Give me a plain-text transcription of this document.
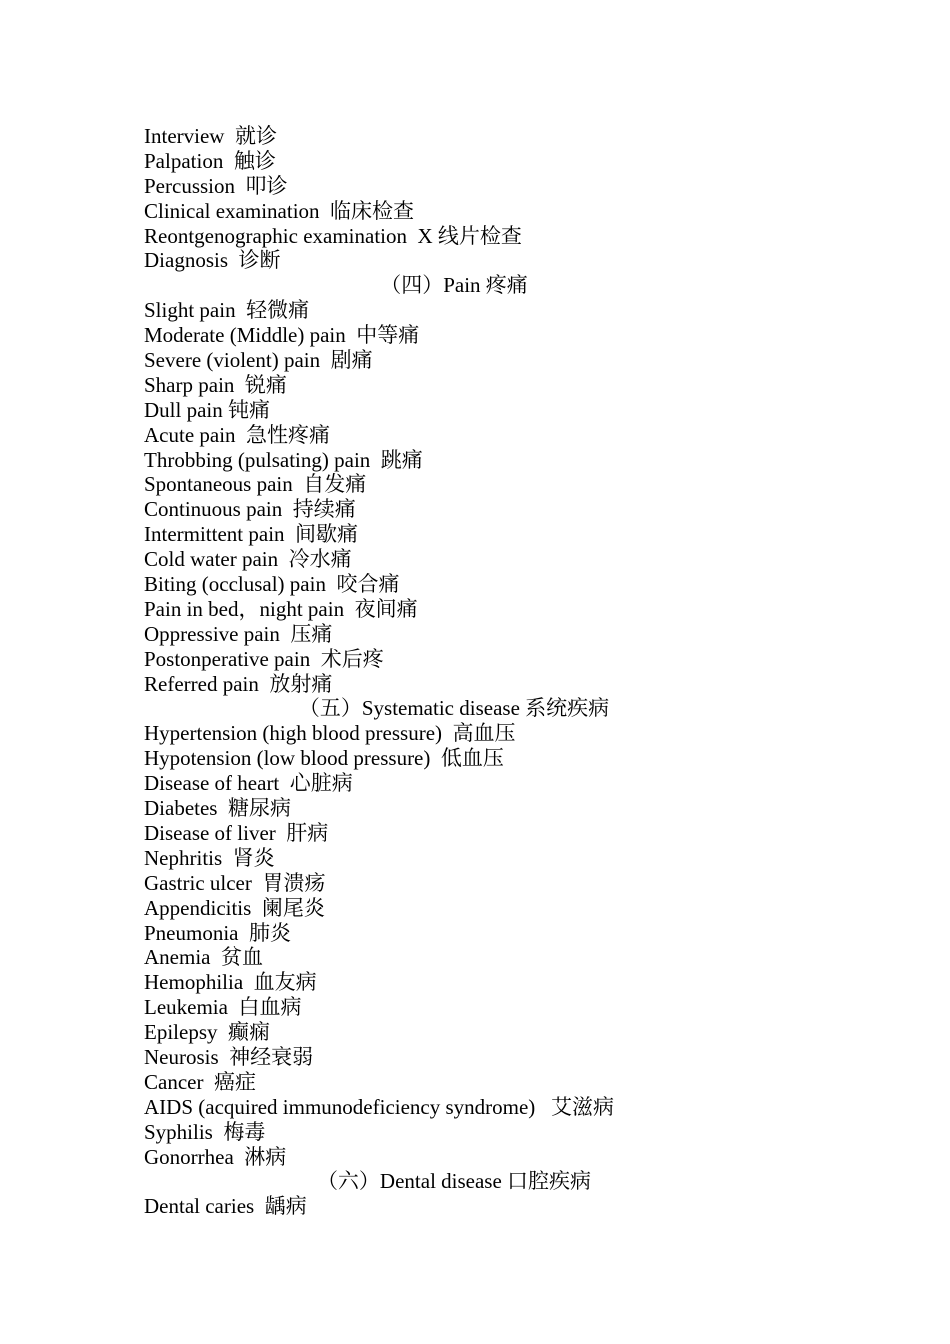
Interview  就诊
Palpation  触诊
Percussion  叩诊
Clinical examination  临床检查
Reontgenographic examination  X 线片检查
Diagnosis  诊断
（四）Pain 疼痛
Slight pain  轻微痛
Moderate (Middle) pain  中等痛
Severe (violent) pain  剧痛
Sharp pain  锐痛
Dull pain 钝痛
Acute pain  急性疼痛
Throbbing (pulsating) pain  跳痛
Spontaneous pain  自发痛
Continuous pain  持续痛
Intermittent pain  间歇痛
Cold water pain  冷水痛
Biting (occlusal) pain  咬合痛
Pain in bed，night pain  夜间痛
Oppressive pain  压痛
Postonperative pain  术后疼
Referred pain  放射痛
（五）Systematic disease 系统疾病
Hypertension (high blood pressure)  高血压
Hypotension (low blood pressure)  低血压
Disease of heart  心脏病
Diabetes  糖尿病
Disease of liver  肝病
Nephritis  肾炎
Gastric ulcer  胃溃疡
Appendicitis  阑尾炎
Pneumonia  肺炎
Anemia  贫血
Hemophilia  血友病
Leukemia  白血病
Epilepsy  癫痫
Neurosis  神经衰弱
Cancer  癌症
AIDS (acquired immunodeficiency syndrome)   艾滋病
Syphilis  梅毒
Gonorrhea  淋病
（六）Dental disease 口腔疾病
Dental caries  龋病
